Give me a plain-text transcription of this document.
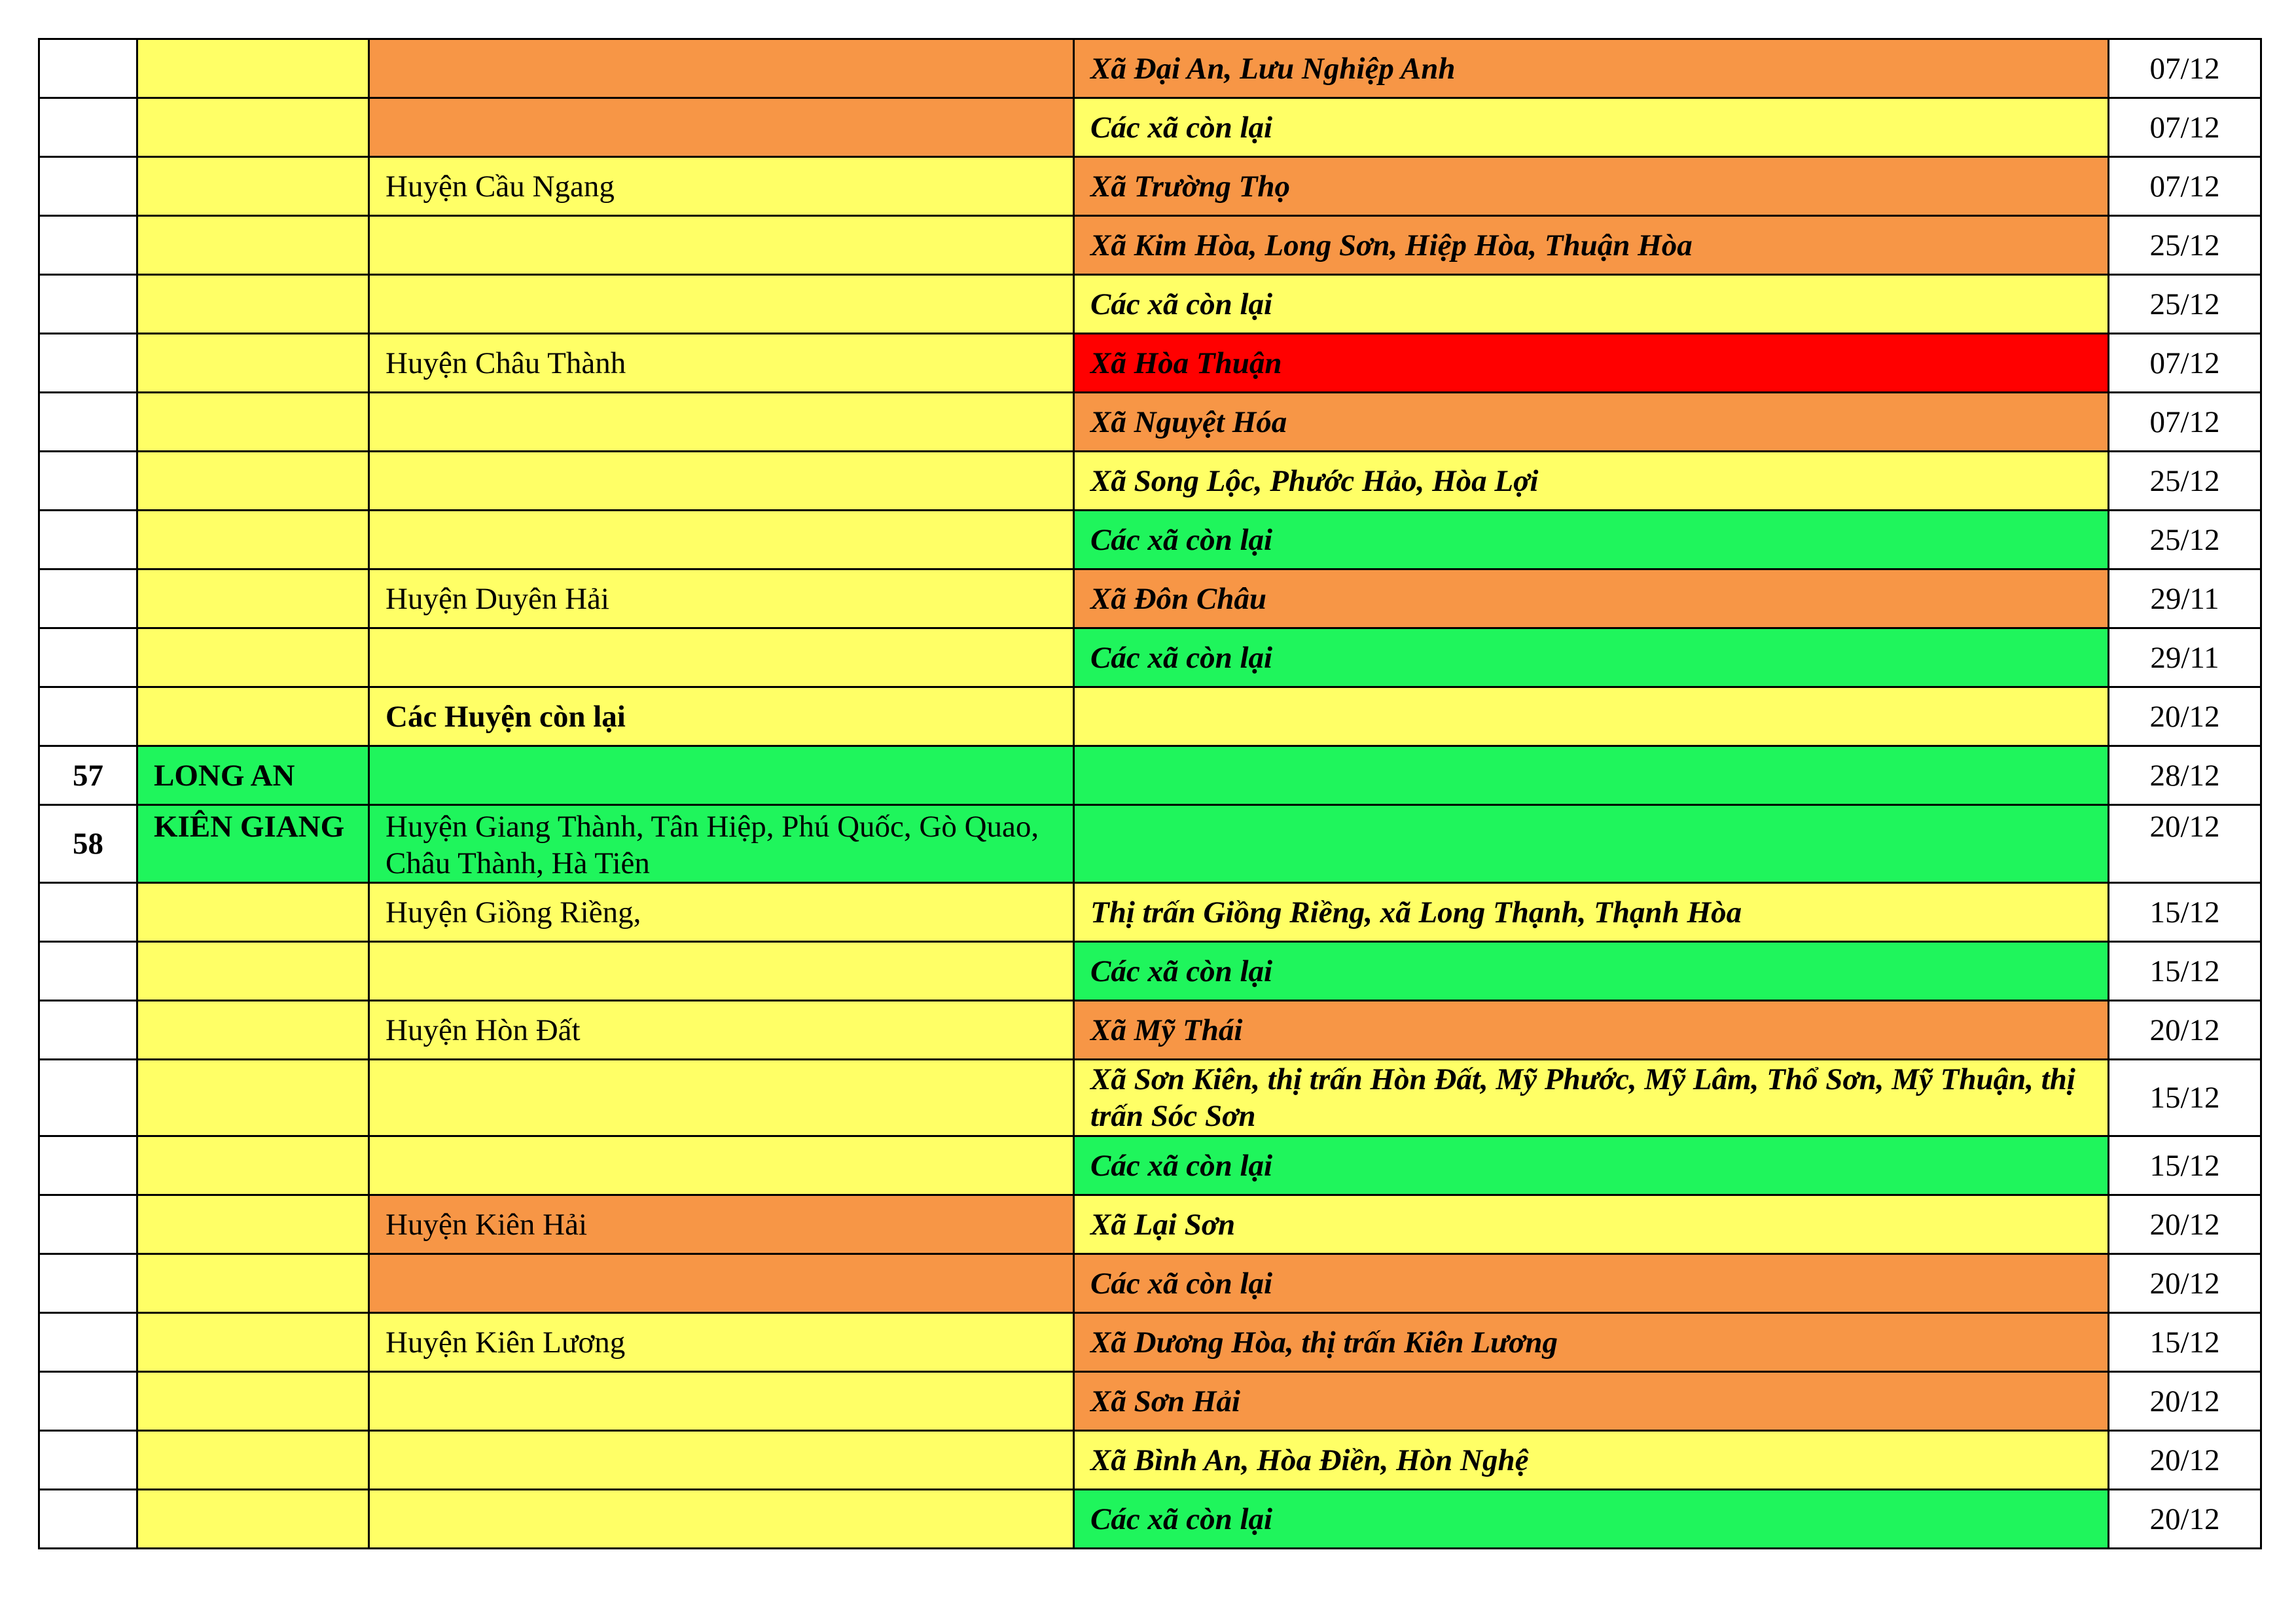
			Xã Đại An, Lưu Nghiệp Anh	07/12
			Các xã còn lại	07/12
		Huyện Cầu Ngang	Xã Trường Thọ	07/12
			Xã Kim Hòa, Long Sơn, Hiệp Hòa, Thuận Hòa	25/12
			Các xã còn lại	25/12
		Huyện Châu Thành	Xã Hòa Thuận	07/12
			Xã Nguyệt Hóa	07/12
			Xã Song Lộc, Phước Hảo, Hòa Lợi	25/12
			Các xã còn lại	25/12
		Huyện Duyên Hải	Xã Đôn Châu	29/11
			Các xã còn lại	29/11
		Các Huyện còn lại		20/12
57	LONG AN			28/12
58	KIÊN GIANG	Huyện Giang Thành, Tân Hiệp, Phú Quốc, Gò Quao, Châu Thành, Hà Tiên		20/12
		Huyện Giồng Riềng,	Thị trấn Giồng Riềng, xã Long Thạnh, Thạnh Hòa	15/12
			Các xã còn lại	15/12
		Huyện Hòn Đất	Xã Mỹ Thái	20/12
			Xã Sơn Kiên, thị trấn Hòn Đất, Mỹ Phước, Mỹ Lâm, Thổ Sơn, Mỹ Thuận, thị trấn Sóc Sơn	15/12
			Các xã còn lại	15/12
		Huyện Kiên Hải	Xã Lại Sơn	20/12
			Các xã còn lại	20/12
		Huyện Kiên Lương	Xã Dương Hòa, thị trấn Kiên Lương	15/12
			Xã Sơn Hải	20/12
			Xã Bình An, Hòa Điền, Hòn Nghệ	20/12
			Các xã còn lại	20/12
